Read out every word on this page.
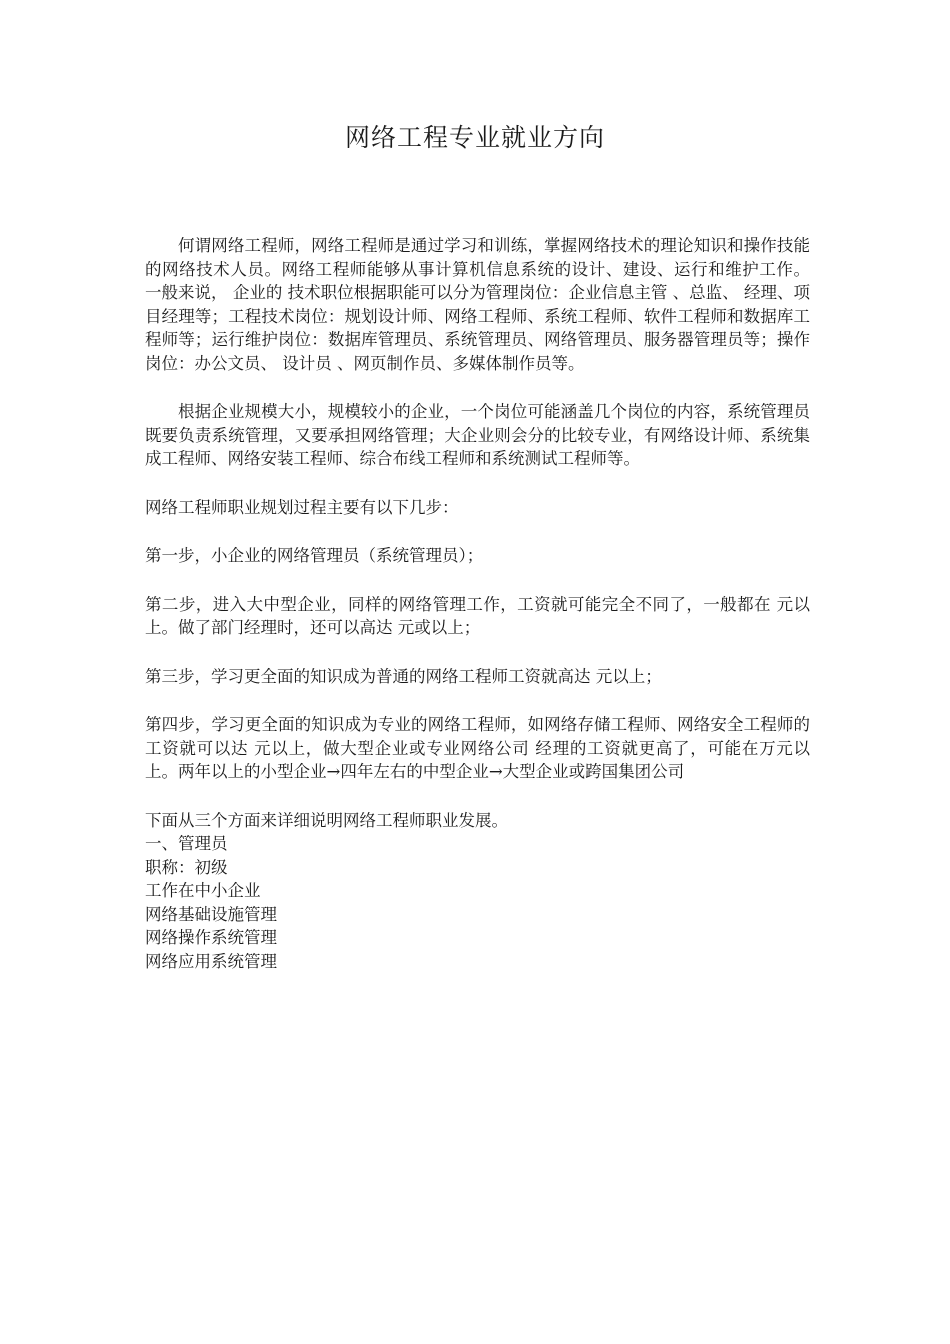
网络工程专业就业方向

何谓网络工程师，网络工程师是通过学习和训练，掌握网络技术的理论知识和操作技能的网络技术人员。网络工程师能够从事计算机信息系统的设计、建设、运行和维护工作。 一般来说， 企业的 技术职位根据职能可以分为管理岗位：企业信息主管 、总监、 经理、项目经理等；工程技术岗位：规划设计师、网络工程师、系统工程师、软件工程师和数据库工程师等；运行维护岗位：数据库管理员、系统管理员、网络管理员、服务器管理员等；操作岗位：办公文员、 设计员 、网页制作员、多媒体制作员等。

根据企业规模大小，规模较小的企业，一个岗位可能涵盖几个岗位的内容，系统管理员既要负责系统管理，又要承担网络管理；大企业则会分的比较专业，有网络设计师、系统集成工程师、网络安装工程师、综合布线工程师和系统测试工程师等。

网络工程师职业规划过程主要有以下几步：

第一步，小企业的网络管理员（系统管理员）；

第二步，进入大中型企业，同样的网络管理工作，工资就可能完全不同了，一般都在 元以上。做了部门经理时，还可以高达 元或以上；

第三步，学习更全面的知识成为普通的网络工程师工资就高达 元以上；

第四步，学习更全面的知识成为专业的网络工程师，如网络存储工程师、网络安全工程师的工资就可以达 元以上，做大型企业或专业网络公司 经理的工资就更高了，可能在万元以上。两年以上的小型企业→四年左右的中型企业→大型企业或跨国集团公司

下面从三个方面来详细说明网络工程师职业发展。

一、管理员

职称：初级

工作在中小企业

网络基础设施管理

网络操作系统管理

网络应用系统管理
